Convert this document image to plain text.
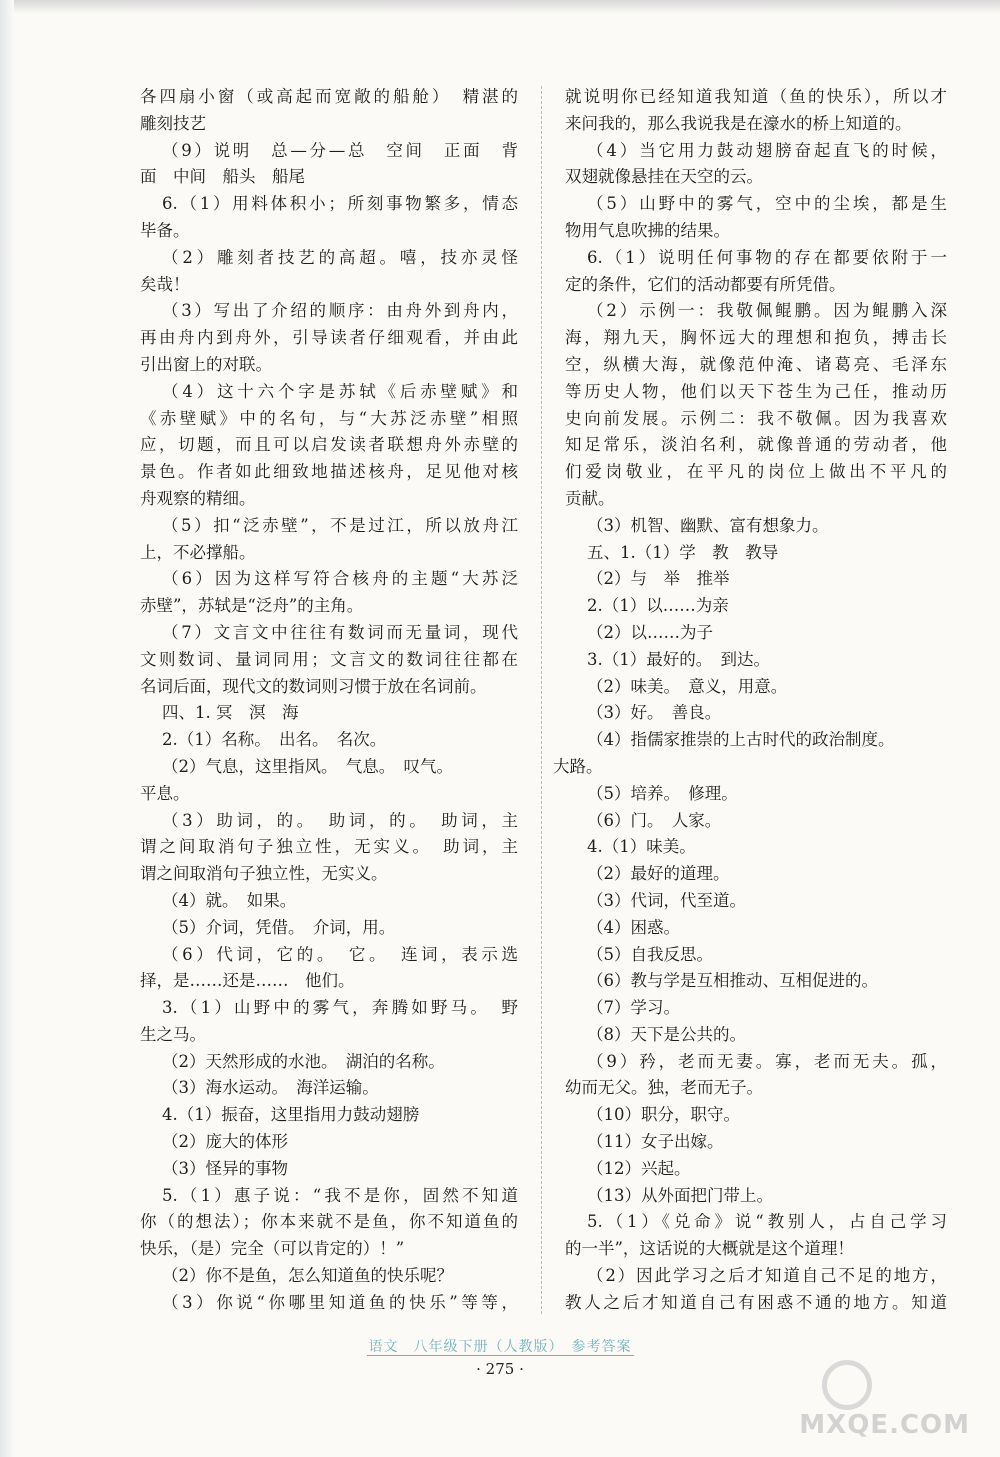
各四扇小窗（或高起而宽敞的船舱）　精湛的
雕刻技艺
（9）说明　总—分—总　空间　正面　背
面　中间　船头　船尾
6.（1）用料体积小；所刻事物繁多，情态
毕备。
（2）雕刻者技艺的高超。嘻，技亦灵怪
矣哉！
（3）写出了介绍的顺序：由舟外到舟内，
再由舟内到舟外，引导读者仔细观看，并由此
引出窗上的对联。
（4）这十六个字是苏轼《后赤壁赋》和
《赤壁赋》中的名句，与“大苏泛赤壁”相照
应，切题，而且可以启发读者联想舟外赤壁的
景色。作者如此细致地描述核舟，足见他对核
舟观察的精细。
（5）扣“泛赤壁”，不是过江，所以放舟江
上，不必撑船。
（6）因为这样写符合核舟的主题“大苏泛
赤壁”，苏轼是“泛舟”的主角。
（7）文言文中往往有数词而无量词，现代
文则数词、量词同用；文言文的数词往往都在
名词后面，现代文的数词则习惯于放在名词前。
四、1. 冥　溟　海
2.（1）名称。　出名。　名次。
（2）气息，这里指风。　气息。　叹气。
平息。
（3）助词，的。　助词，的。　助词，主
谓之间取消句子独立性，无实义。　助词，主
谓之间取消句子独立性，无实义。
（4）就。　如果。
（5）介词，凭借。　介词，用。
（6）代词，它的。　它。　连词，表示选
择，是……还是……　他们。
3.（1）山野中的雾气，奔腾如野马。　野
生之马。
（2）天然形成的水池。　湖泊的名称。
（3）海水运动。　海洋运输。
4.（1）振奋，这里指用力鼓动翅膀
（2）庞大的体形
（3）怪异的事物
5.（1）惠子说：“我不是你，固然不知道
你（的想法）；你本来就不是鱼，你不知道鱼的
快乐，（是）完全（可以肯定的）！”
（2）你不是鱼，怎么知道鱼的快乐呢？
（3）你说“你哪里知道鱼的快乐”等等，
就说明你已经知道我知道（鱼的快乐），所以才
来问我的，那么我说我是在濠水的桥上知道的。
（4）当它用力鼓动翅膀奋起直飞的时候，
双翅就像悬挂在天空的云。
（5）山野中的雾气，空中的尘埃，都是生
物用气息吹拂的结果。
6.（1）说明任何事物的存在都要依附于一
定的条件，它们的活动都要有所凭借。
（2）示例一：我敬佩鲲鹏。因为鲲鹏入深
海，翔九天，胸怀远大的理想和抱负，搏击长
空，纵横大海，就像范仲淹、诸葛亮、毛泽东
等历史人物，他们以天下苍生为己任，推动历
史向前发展。示例二：我不敬佩。因为我喜欢
知足常乐，淡泊名利，就像普通的劳动者，他
们爱岗敬业，在平凡的岗位上做出不平凡的
贡献。
（3）机智、幽默、富有想象力。
五、1.（1）学　教　教导
（2）与　举　推举
2.（1）以……为亲
（2）以……为子
3.（1）最好的。　到达。
（2）味美。　意义，用意。
（3）好。　善良。
（4）指儒家推崇的上古时代的政治制度。
大路。
（5）培养。　修理。
（6）门。　人家。
4.（1）味美。
（2）最好的道理。
（3）代词，代至道。
（4）困惑。
（5）自我反思。
（6）教与学是互相推动、互相促进的。
（7）学习。
（8）天下是公共的。
（9）矜，老而无妻。寡，老而无夫。孤，
幼而无父。独，老而无子。
（10）职分，职守。
（11）女子出嫁。
（12）兴起。
（13）从外面把门带上。
5.（1）《兑命》说“教别人，占自己学习
的一半”，这话说的大概就是这个道理！
（2）因此学习之后才知道自己不足的地方，
教人之后才知道自己有困惑不通的地方。知道
语文　八年级下册（人教版）　参考答案
· 275 ·
MXQE.COM
